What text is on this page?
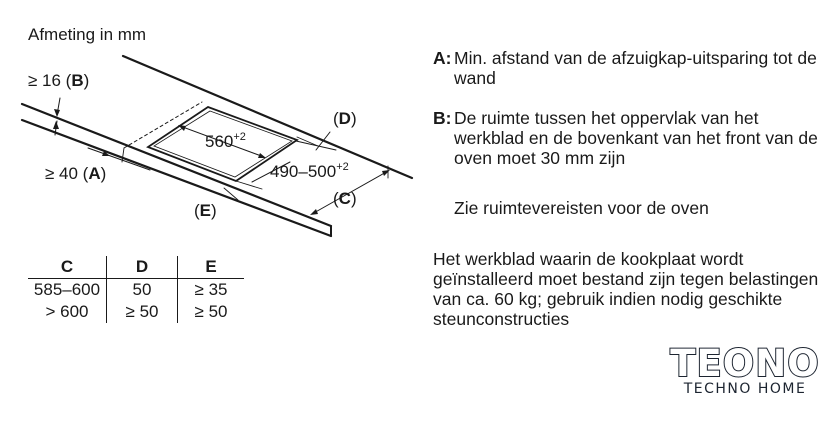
Afmeting in mm
≥ 16 (B)
≥ 40 (A)
$560^{+2}$
$490-500^{+2}$
(D)
(C)
(E)
A: Min. afstand van de afzuigkap-uitsparing tot de wand
B: De ruimte tussen het oppervlak van het werkblad en de bovenkant van het front van de oven moet 30 mm zijn
Zie ruimtevereisten voor de oven
Het werkblad waarin de kookplaat wordt geïnstalleerd moet bestand zijn tegen belastingen van ca. 60 kg; gebruik indien nodig geschikte steunconstructies
C	D	E
585–600	50	≥ 35
> 600	≥ 50	≥ 50
TEONO
TECHNO HOME
